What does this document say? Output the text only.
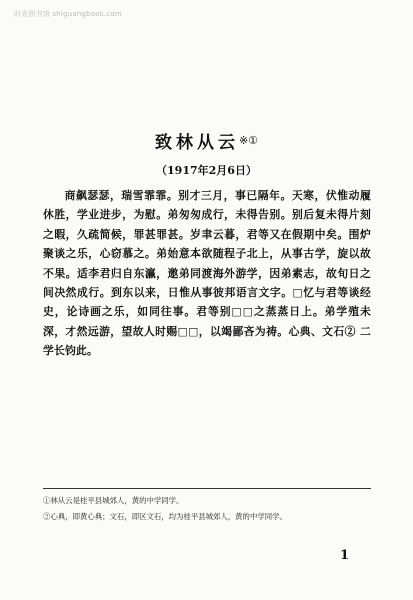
时光图书馆 shiguangbook.com
致林从云※①
（1917年2月6日）

商飙瑟瑟，瑞雪霏霏。别才三月，事已隔年。天寒，伏惟动履休胜，学业进步，为慰。弟匆匆成行，未得告别。别后复未得片刻之暇，久疏简候，罪甚罪甚。岁聿云暮，君等又在假期中矣。围炉聚谈之乐，心窃慕之。弟始意本欲随程子北上，从事古学，旋以故不果。适李君归自东瀛，邀弟同渡海外游学，因弟素志，故旬日之间决然成行。到东以来，日惟从事彼邦语言文字。□忆与君等谈经史，论诗画之乐，如同往事。君等别□□之蒸蒸日上。弟学殖未深，才然远游，望故人时赐□□，以竭鄙吝为祷。心典、文石② 二学长钧此。

①林从云是桂平县城郊人，黄的中学同学。
②心典，即黄心典；文石，即区文石，均为桂平县城郊人，黄的中学同学。
1
